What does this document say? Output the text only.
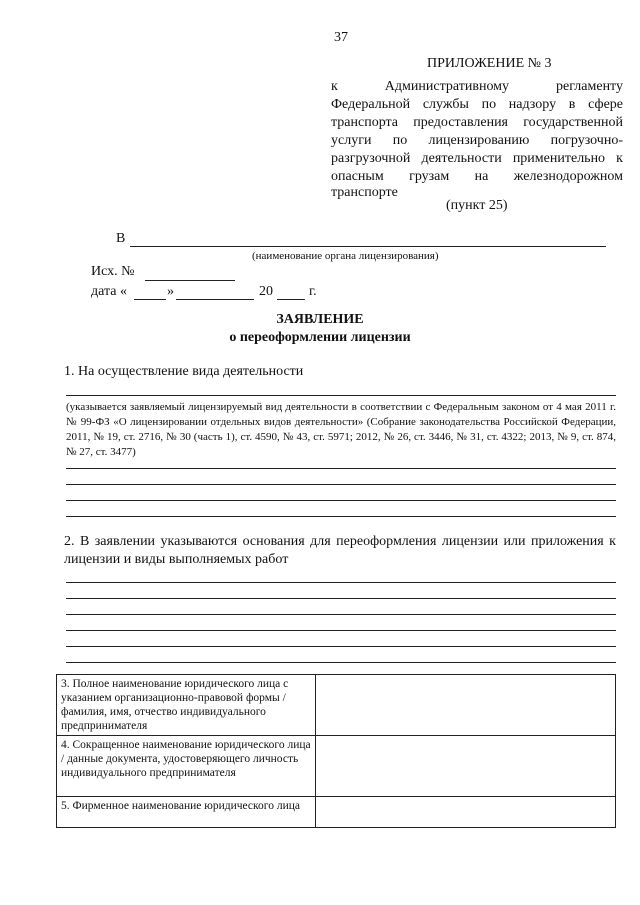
37
ПРИЛОЖЕНИЕ № 3
к Административному регламенту
Федеральной службы по надзору в сфере
транспорта предоставления государственной
услуги по лицензированию погрузочно-
разгрузочной деятельности применительно к
опасным грузам на железнодорожном
транспорте
(пункт 25)
В
(наименование органа лицензирования)
Исх. №
дата «	»	20	г.
ЗАЯВЛЕНИЕ
о переоформлении лицензии
1. На осуществление вида деятельности
(указывается заявляемый лицензируемый вид деятельности в соответствии с Федеральным законом от 4 мая 2011 г. № 99-ФЗ «О лицензировании отдельных видов деятельности» (Собрание законодательства Российской Федерации, 2011, № 19, ст. 2716, № 30 (часть 1), ст. 4590, № 43, ст. 5971; 2012, № 26, ст. 3446, № 31, ст. 4322; 2013, № 9, ст. 874, № 27, ст. 3477)
2. В заявлении указываются основания для переоформления лицензии или приложения к лицензии и виды выполняемых работ
3. Полное наименование юридического лица с указанием организационно-правовой формы / фамилия, имя, отчество индивидуального предпринимателя	
4. Сокращенное наименование юридического лица / данные документа, удостоверяющего личность индивидуального предпринимателя	
5. Фирменное наименование юридического лица	
